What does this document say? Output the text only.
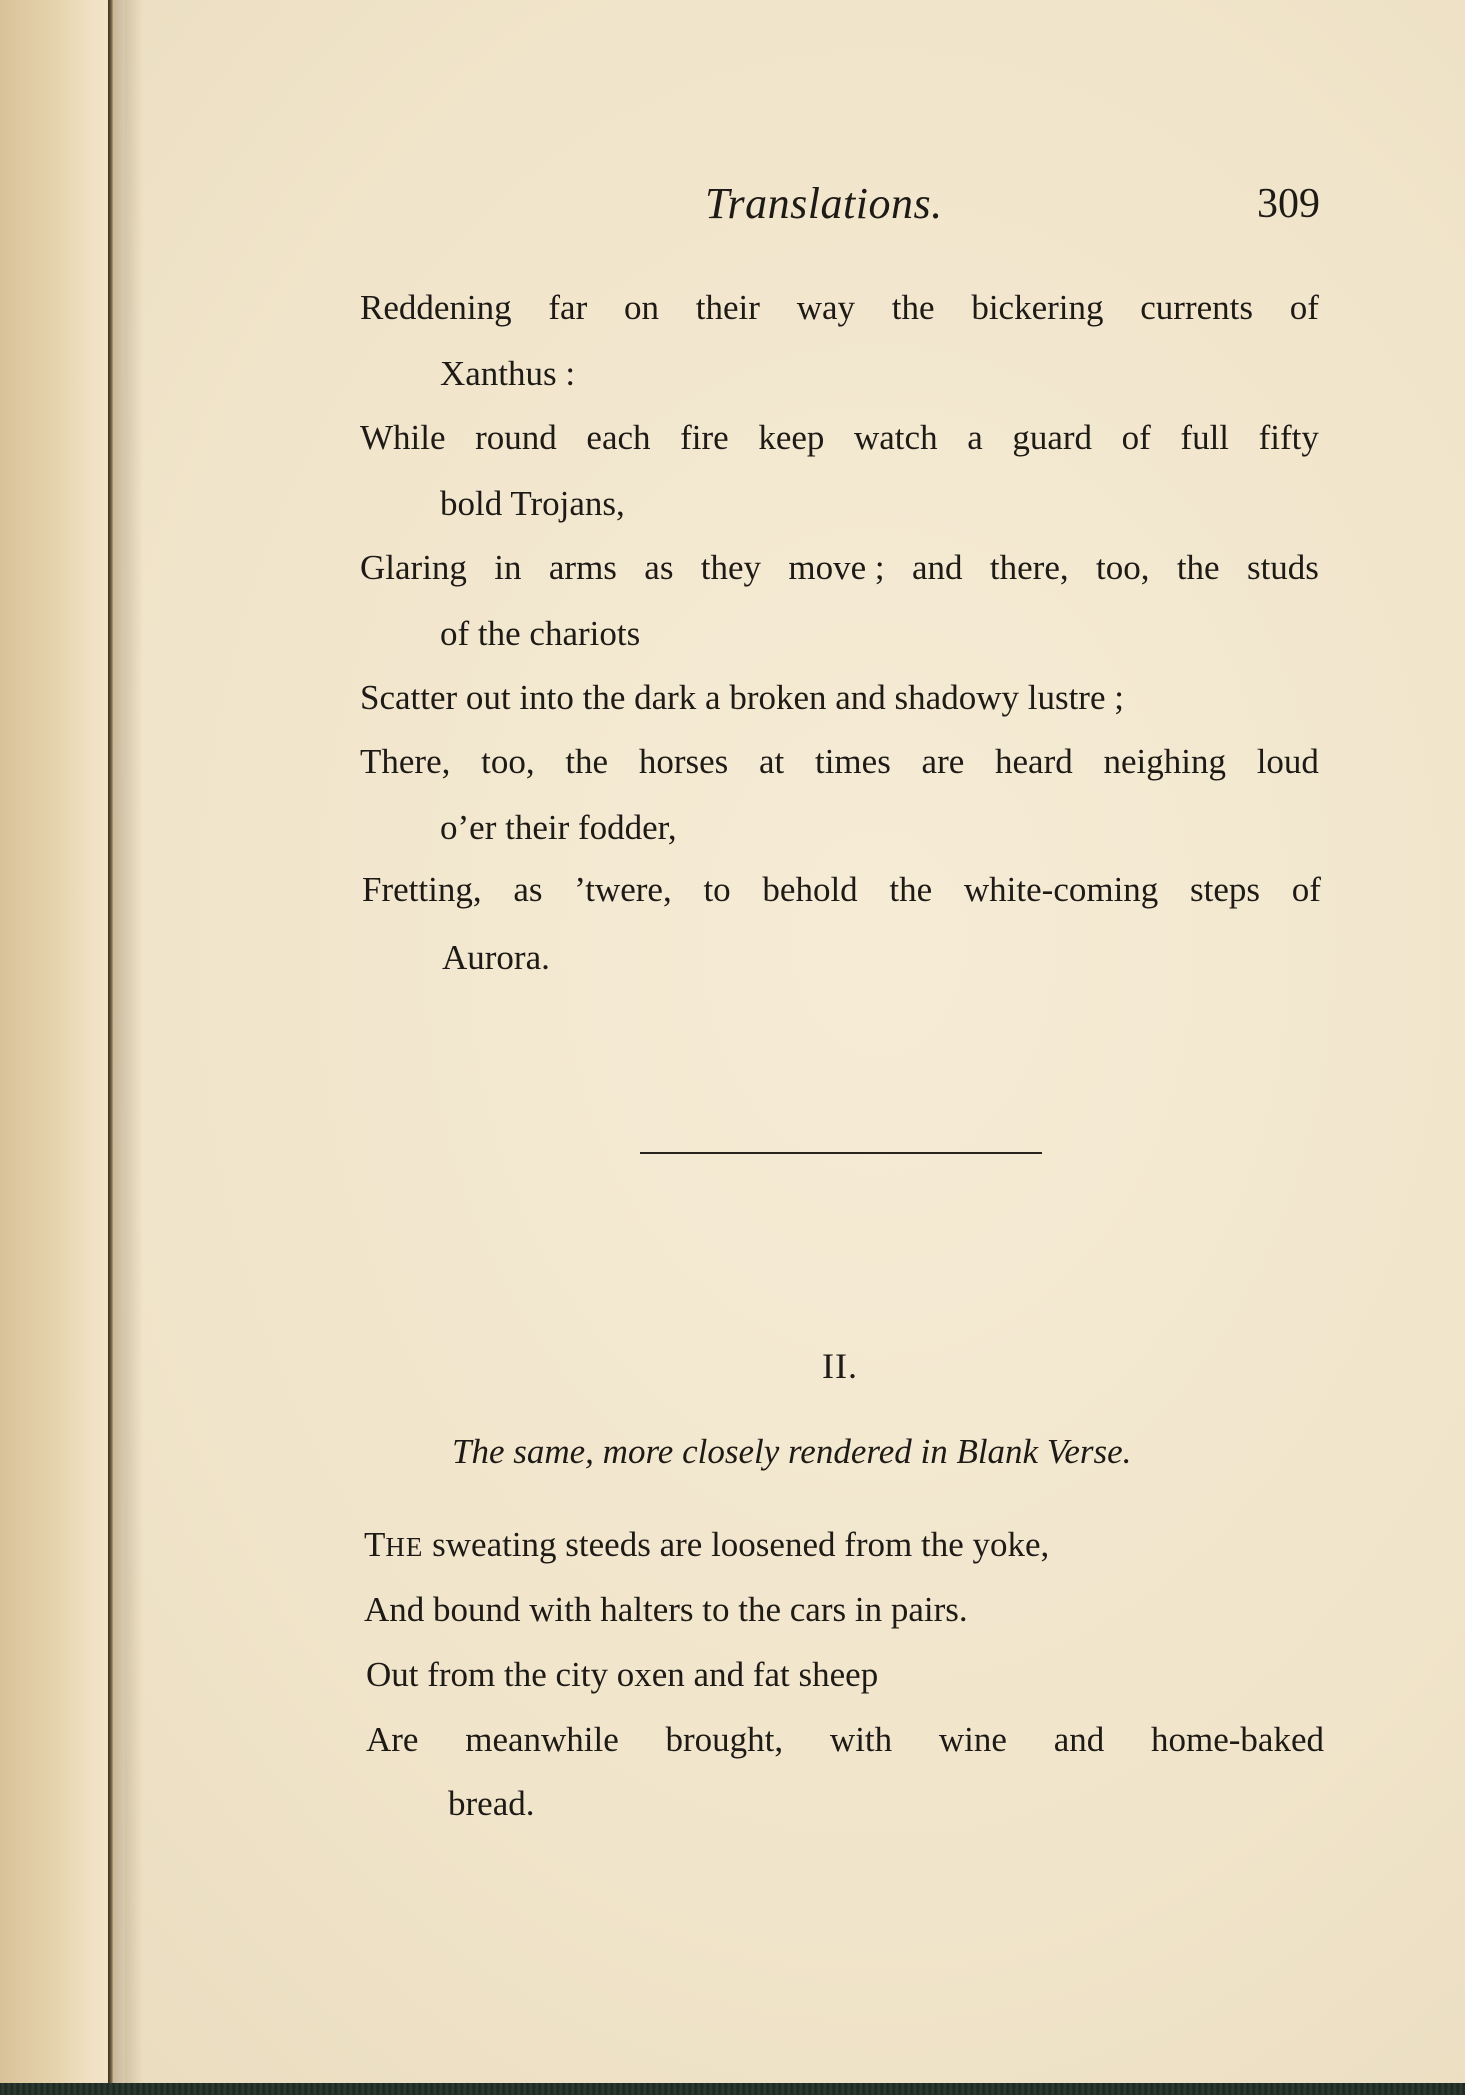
Translations.	309
Reddening far on their way the bickering currents of
Xanthus :
While round each fire keep watch a guard of full fifty
bold Trojans,
Glaring in arms as they move ; and there, too, the studs
of the chariots
Scatter out into the dark a broken and shadowy lustre ;
There, too, the horses at times are heard neighing loud
o’er their fodder,
Fretting, as ’twere, to behold the white-coming steps of
Aurora.
II.
The same, more closely rendered in Blank Verse.
THE sweating steeds are loosened from the yoke,
And bound with halters to the cars in pairs.
Out from the city oxen and fat sheep
Are meanwhile brought, with wine and home-baked
bread.
